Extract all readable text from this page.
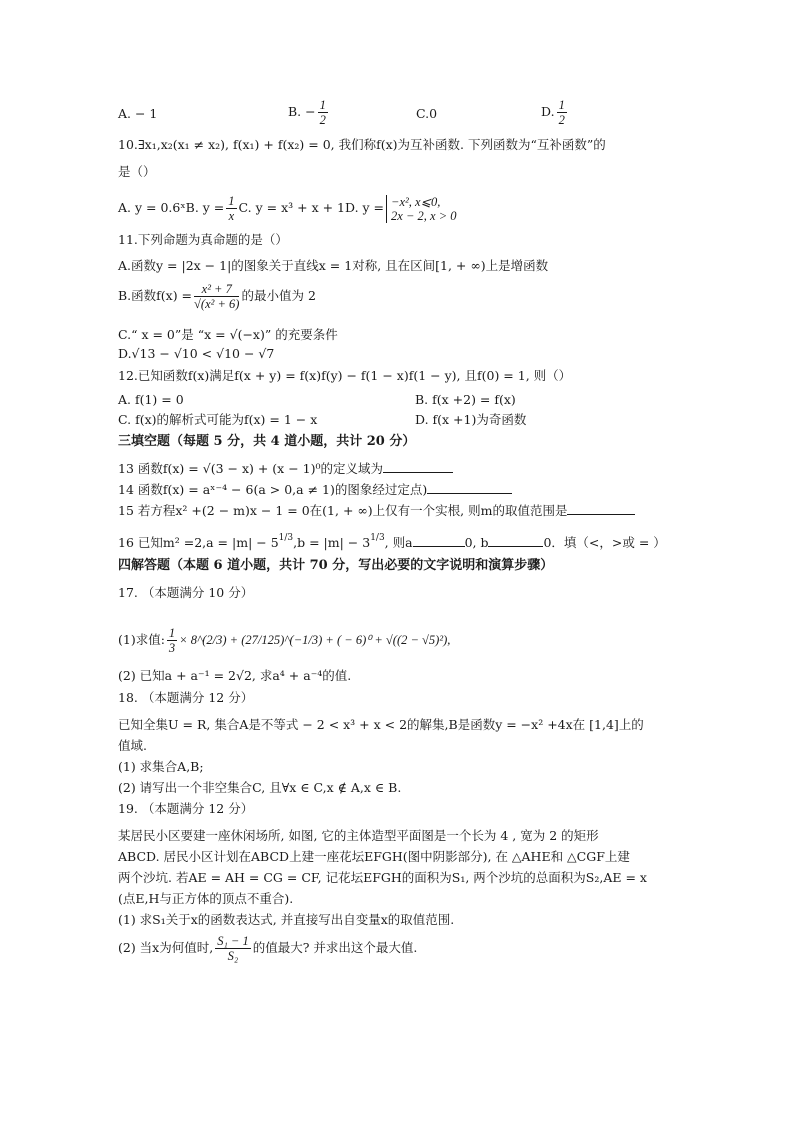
A. − 1	B. − $\frac{1}{2}$	C.0	D. $\frac{1}{2}$
10.∃x₁,x₂(x₁ ≠ x₂), f(x₁) + f(x₂) = 0, 我们称f(x)为互补函数. 下列函数为“互补函数”的
是（）
A. y = 0.6ˣB. $y = \frac{1}{x} C$. y = x³ + x + 1D. y = −x², x⩽0,
2x − 2, x > 0
11.下列命题为真命题的是（）
A.函数y = |2x − 1|的图象关于直线x = 1对称, 且在区间[1, + ∞)上是增函数
B.函数$f(x) = \frac{\text{x² + 7}}{\text{√(x² + 6)}}$ 的最小值为 2
C.“ x = 0”是 “x = √(−x)” 的充要条件
D.√13 − √10 < √10 − √7
12.已知函数f(x)满足f(x + y) = f(x)f(y) − f(1 − x)f(1 − y), 且f(0) = 1, 则（）
A. f(1) = 0	B. f(x +2) = f(x)
C. f(x)的解析式可能为f(x) = 1 − x	D. f(x +1)为奇函数
三填空题（每题 5 分，共 4 道小题，共计 20 分）
13 函数f(x) = √(3 − x) + (x − 1)⁰的定义域为
14 函数f(x) = aˣ⁻⁴ − 6(a > 0,a ≠ 1)的图象经过定点)
15 若方程x² +(2 − m)x − 1 = 0在(1, + ∞)上仅有一个实根, 则m的取值范围是
16 已知$m^2 =2,a = |m| - 5^{1/3},b = |m| - 3^{1/3}$, 则a	0, b	0．填（<，>或 = ）
四解答题（本题 6 道小题，共计 70 分，写出必要的文字说明和演算步骤）
17. （本题满分 10 分）
(1)求值: $\frac{1}{3}$ × 8^(2/3) + (27/125)^(−1/3) + ( − 6)⁰ + √((2 − √5)²),
(2) 已知a + a⁻¹ = 2√2, 求a⁴ + a⁻⁴的值.
18. （本题满分 12 分）
已知全集U = R, 集合A是不等式 − 2 < x³ + x < 2的解集,B是函数y = −x² +4x在 [1,4]上的
值域.
(1) 求集合A,B;
(2) 请写出一个非空集合C, 且∀x ∈ C,x ∉ A,x ∈ B.
19. （本题满分 12 分）
某居民小区要建一座休闲场所, 如图, 它的主体造型平面图是一个长为 4 , 宽为 2 的矩形
ABCD. 居民小区计划在ABCD上建一座花坛EFGH(图中阴影部分), 在 △AHE和 △CGF上建
两个沙坑. 若AE = AH = CG = CF, 记花坛EFGH的面积为S₁, 两个沙坑的总面积为S₂,AE = x
(点E,H与正方体的顶点不重合).
(1) 求S₁关于x的函数表达式, 并直接写出自变量x的取值范围.
(2) 当x为何值时, $\frac{\text{S₁ − 1}}{\text{S₂}}$ 的值最大? 并求出这个最大值.
